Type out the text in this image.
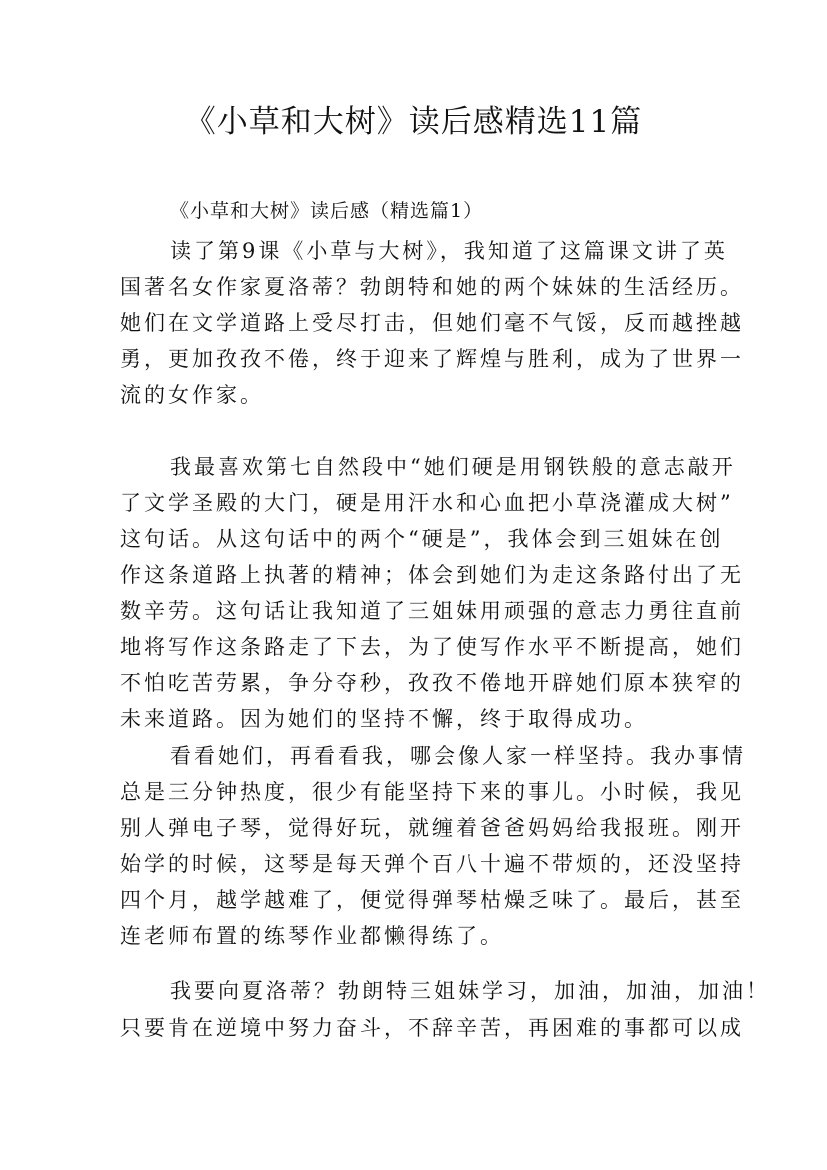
《小草和大树》读后感精选11篇

《小草和大树》读后感（精选篇1）

读了第9课《小草与大树》，我知道了这篇课文讲了英
国著名女作家夏洛蒂？勃朗特和她的两个妹妹的生活经历。
她们在文学道路上受尽打击，但她们毫不气馁，反而越挫越
勇，更加孜孜不倦，终于迎来了辉煌与胜利，成为了世界一
流的女作家。
我最喜欢第七自然段中“她们硬是用钢铁般的意志敲开
了文学圣殿的大门，硬是用汗水和心血把小草浇灌成大树”
这句话。从这句话中的两个“硬是”，我体会到三姐妹在创
作这条道路上执著的精神；体会到她们为走这条路付出了无
数辛劳。这句话让我知道了三姐妹用顽强的意志力勇往直前
地将写作这条路走了下去，为了使写作水平不断提高，她们
不怕吃苦劳累，争分夺秒，孜孜不倦地开辟她们原本狭窄的
未来道路。因为她们的坚持不懈，终于取得成功。
看看她们，再看看我，哪会像人家一样坚持。我办事情
总是三分钟热度，很少有能坚持下来的事儿。小时候，我见
别人弹电子琴，觉得好玩，就缠着爸爸妈妈给我报班。刚开
始学的时候，这琴是每天弹个百八十遍不带烦的，还没坚持
四个月，越学越难了，便觉得弹琴枯燥乏味了。最后，甚至
连老师布置的练琴作业都懒得练了。
我要向夏洛蒂？勃朗特三姐妹学习，加油，加油，加油！
只要肯在逆境中努力奋斗，不辞辛苦，再困难的事都可以成
